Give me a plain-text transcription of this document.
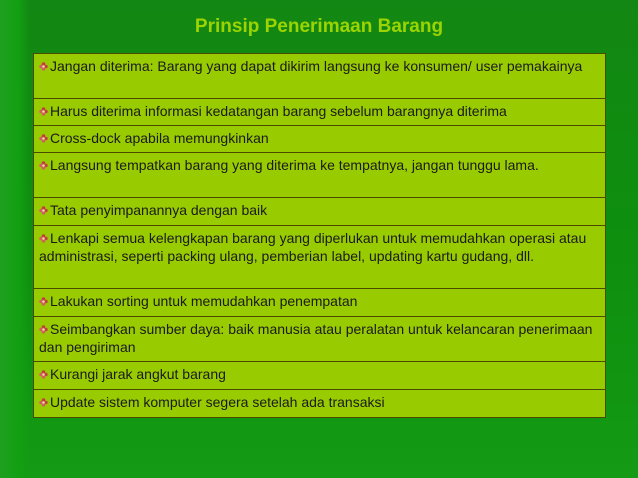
Prinsip Penerimaan Barang
Jangan diterima: Barang yang dapat dikirim langsung ke konsumen/ user pemakainya
Harus diterima informasi kedatangan barang sebelum barangnya diterima
Cross-dock apabila memungkinkan
Langsung tempatkan barang yang diterima ke tempatnya, jangan tunggu lama.
Tata penyimpanannya dengan baik
Lenkapi semua kelengkapan barang yang diperlukan untuk memudahkan operasi atau administrasi, seperti packing ulang, pemberian label, updating kartu gudang, dll.
Lakukan sorting untuk memudahkan penempatan
Seimbangkan sumber daya: baik manusia atau peralatan untuk kelancaran penerimaan dan pengiriman
Kurangi jarak angkut barang
Update sistem komputer segera setelah ada transaksi
